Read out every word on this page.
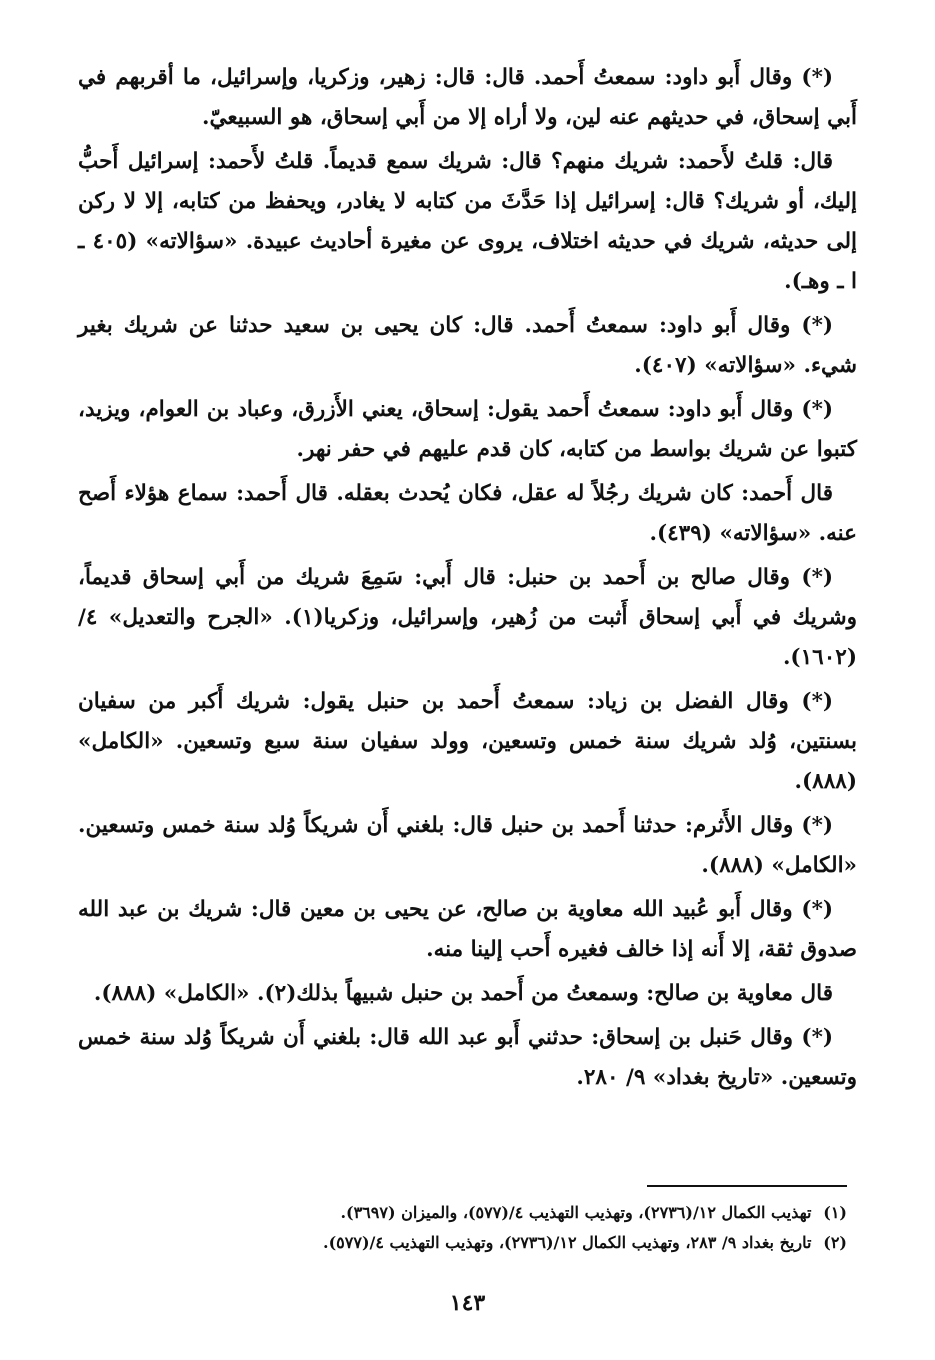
(*) وقال أَبو داود: سمعتُ أَحمد. قال: قال: زهير، وزكريا، وإسرائيل، ما أقربهم في أَبي إسحاق، في حديثهم عنه لين، ولا أراه إلا من أَبي إسحاق، هو السبيعيّ.

قال: قلتُ لأَحمد: شريك منهم؟ قال: شريك سمع قديماً. قلتُ لأَحمد: إسرائيل أَحبُّ إليك، أو شريك؟ قال: إسرائيل إذا حَدَّثَ من كتابه لا يغادر، ويحفظ من كتابه، إلا لا ركن إلى حديثه، شريك في حديثه اختلاف، يروى عن مغيرة أحاديث عبيدة. «سؤالاته» (٤٠٥ ـ ا ـ وهـ).

(*) وقال أَبو داود: سمعتُ أَحمد. قال: كان يحيى بن سعيد حدثنا عن شريك بغير شيء. «سؤالاته» (٤٠٧).

(*) وقال أَبو داود: سمعتُ أَحمد يقول: إسحاق، يعني الأَزرق، وعباد بن العوام، ويزيد، كتبوا عن شريك بواسط من كتابه، كان قدم عليهم في حفر نهر.

قال أَحمد: كان شريك رجُلاً له عقل، فكان يُحدث بعقله. قال أَحمد: سماع هؤلاء أَصح عنه. «سؤالاته» (٤٣٩).

(*) وقال صالح بن أَحمد بن حنبل: قال أَبي: سَمِعَ شريك من أَبي إسحاق قديماً، وشريك في أَبي إسحاق أَثبت من زُهير، وإسرائيل، وزكريا(١). «الجرح والتعديل» ٤/ (١٦٠٢).

(*) وقال الفضل بن زياد: سمعتُ أَحمد بن حنبل يقول: شريك أَكبر من سفيان بسنتين، وُلد شريك سنة خمس وتسعين، وولد سفيان سنة سبع وتسعين. «الكامل» (٨٨٨).

(*) وقال الأَثرم: حدثنا أَحمد بن حنبل قال: بلغني أَن شريكاً وُلد سنة خمس وتسعين. «الكامل» (٨٨٨).

(*) وقال أَبو عُبيد الله معاوية بن صالح، عن يحيى بن معين قال: شريك بن عبد الله صدوق ثقة، إلا أَنه إذا خالف فغيره أَحب إلينا منه.

قال معاوية بن صالح: وسمعتُ من أَحمد بن حنبل شبيهاً بذلك(٢). «الكامل» (٨٨٨).

(*) وقال حَنبل بن إسحاق: حدثني أَبو عبد الله قال: بلغني أَن شريكاً وُلد سنة خمس وتسعين. «تاريخ بغداد» ٩/ ٢٨٠.

(١) تهذيب الكمال ١٢/(٢٧٣٦)، وتهذيب التهذيب ٤/(٥٧٧)، والميزان (٣٦٩٧).
(٢) تاريخ بغداد ٩/ ٢٨٣، وتهذيب الكمال ١٢/(٢٧٣٦)، وتهذيب التهذيب ٤/(٥٧٧).
١٤٣
